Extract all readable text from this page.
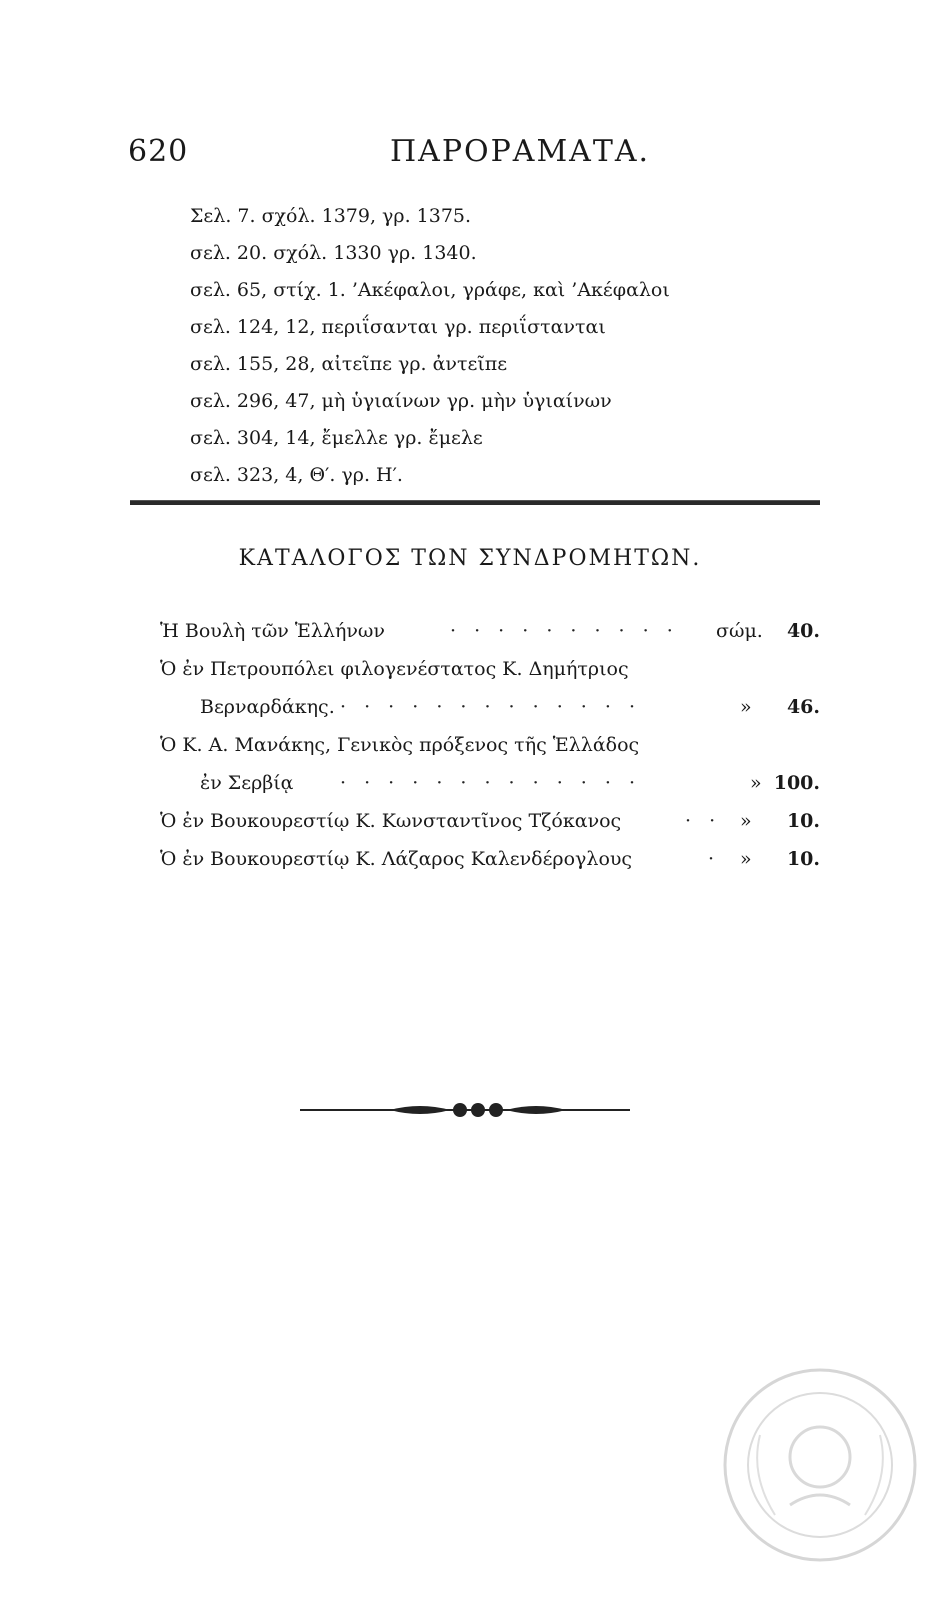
620	ΠΑΡΟΡΑΜΑΤΑ.
Σελ. 7. σχόλ. 1379, γρ. 1375.
σελ. 20. σχόλ. 1330 γρ. 1340.
σελ. 65, στίχ. 1. ’Ακέφαλοι, γράφε, καὶ ’Ακέφαλοι
σελ. 124, 12, περιΐσανται γρ. περιΐστανται
σελ. 155, 28, αἰτεῖπε γρ. ἀντεῖπε
σελ. 296, 47, μὴ ὑγιαίνων γρ. μὴν ὑγιαίνων
σελ. 304, 14, ἔμελλε γρ. ἔμελε
σελ. 323, 4, Θ′. γρ. Η′.
ΚΑΤΑΛΟΓΟΣ ΤΩΝ ΣΥΝΔΡΟΜΗΤΩΝ.
Ἡ Βουλὴ τῶν Ἑλλήνων	· · · · · · · · · · σώμ. 40.
Ὁ ἐν Πετρουπόλει φιλογενέστατος Κ. Δημήτριος
Βερναρδάκης. · · · · · · · · · · · · ·	» 46.
Ὁ Κ. Α. Μανάκης, Γενικὸς πρόξενος τῆς Ἑλλάδος
ἐν Σερβίᾳ · · · · · · · · · · · · ·	» 100.
Ὁ ἐν Βουκουρεστίῳ Κ. Κωνσταντῖνος Τζόκανος	· · » 10.
Ὁ ἐν Βουκουρεστίῳ Κ. Λάζαρος Καλενδέρογλους	· » 10.
